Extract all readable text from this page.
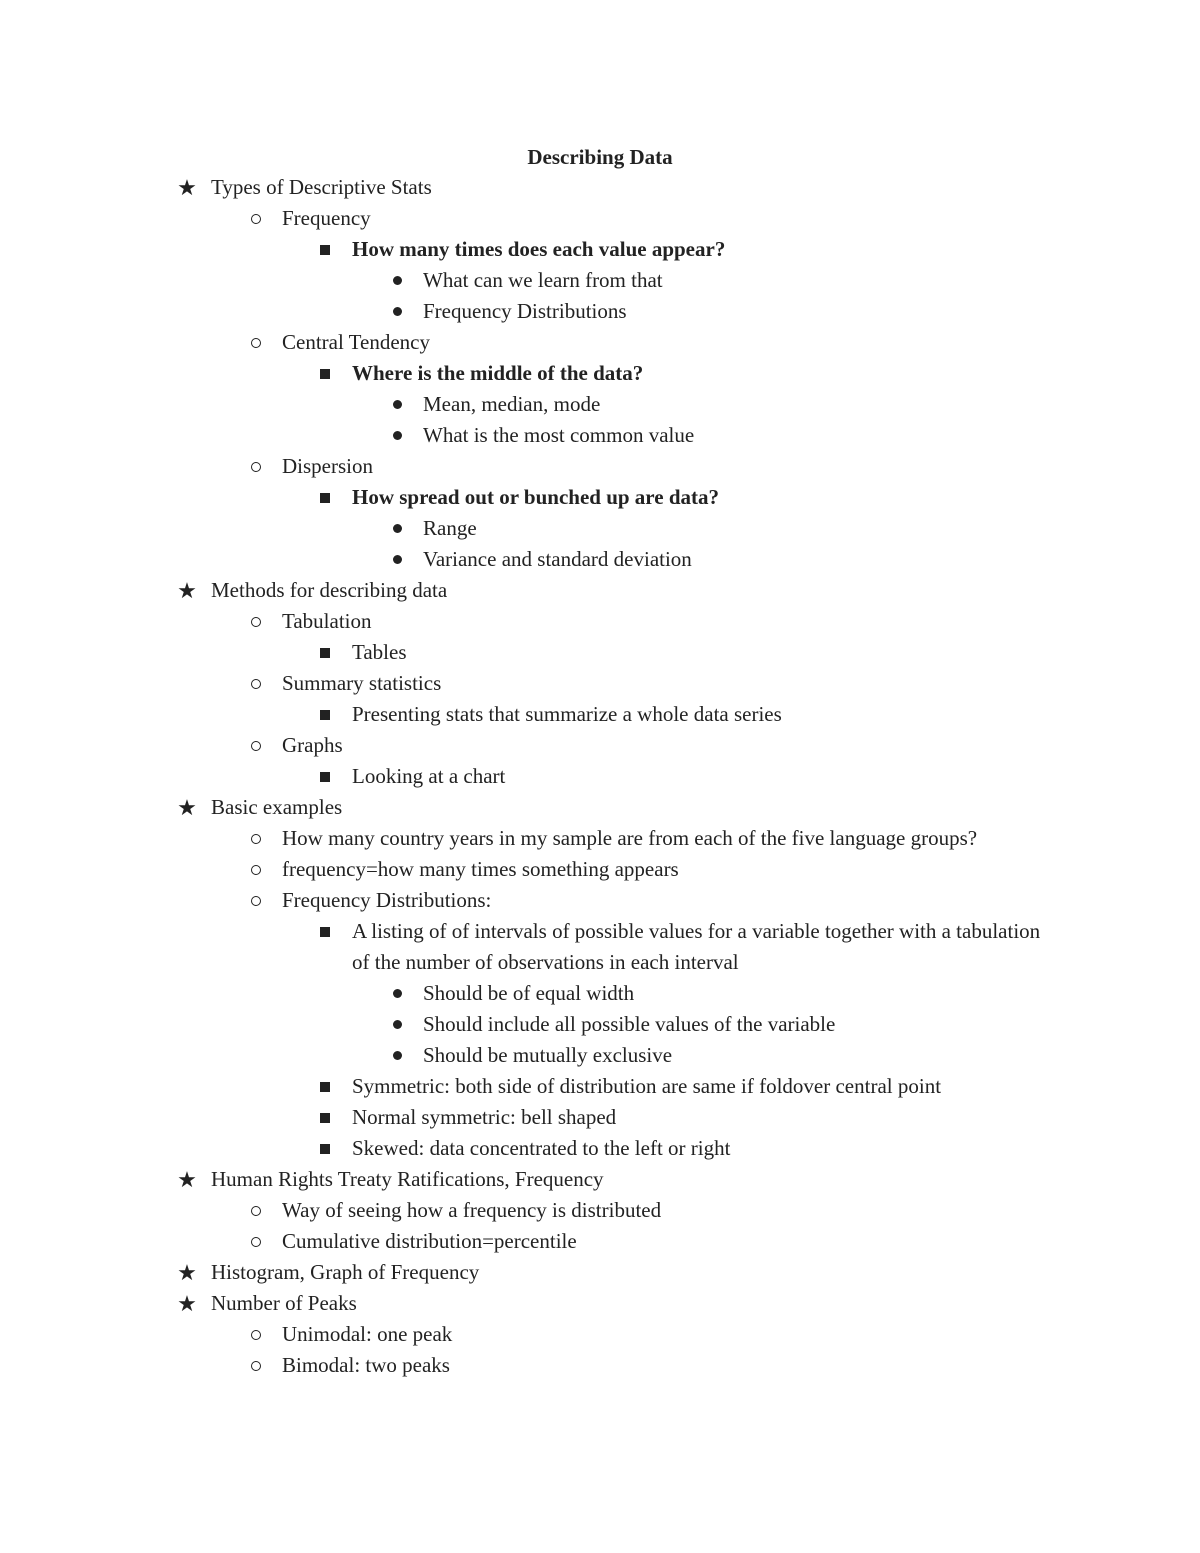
Describing Data
★ Types of Descriptive Stats
Frequency
How many times does each value appear?
What can we learn from that
Frequency Distributions
Central Tendency
Where is the middle of the data?
Mean, median, mode
What is the most common value
Dispersion
How spread out or bunched up are data?
Range
Variance and standard deviation
★ Methods for describing data
Tabulation
Tables
Summary statistics
Presenting stats that summarize a whole data series
Graphs
Looking at a chart
★ Basic examples
How many country years in my sample are from each of the five language groups?
frequency=how many times something appears
Frequency Distributions:
A listing of of intervals of possible values for a variable together with a tabulation of the number of observations in each interval
Should be of equal width
Should include all possible values of the variable
Should be mutually exclusive
Symmetric: both side of distribution are same if foldover central point
Normal symmetric: bell shaped
Skewed: data concentrated to the left or right
★ Human Rights Treaty Ratifications, Frequency
Way of seeing how a frequency is distributed
Cumulative distribution=percentile
★ Histogram, Graph of Frequency
★ Number of Peaks
Unimodal: one peak
Bimodal: two peaks
